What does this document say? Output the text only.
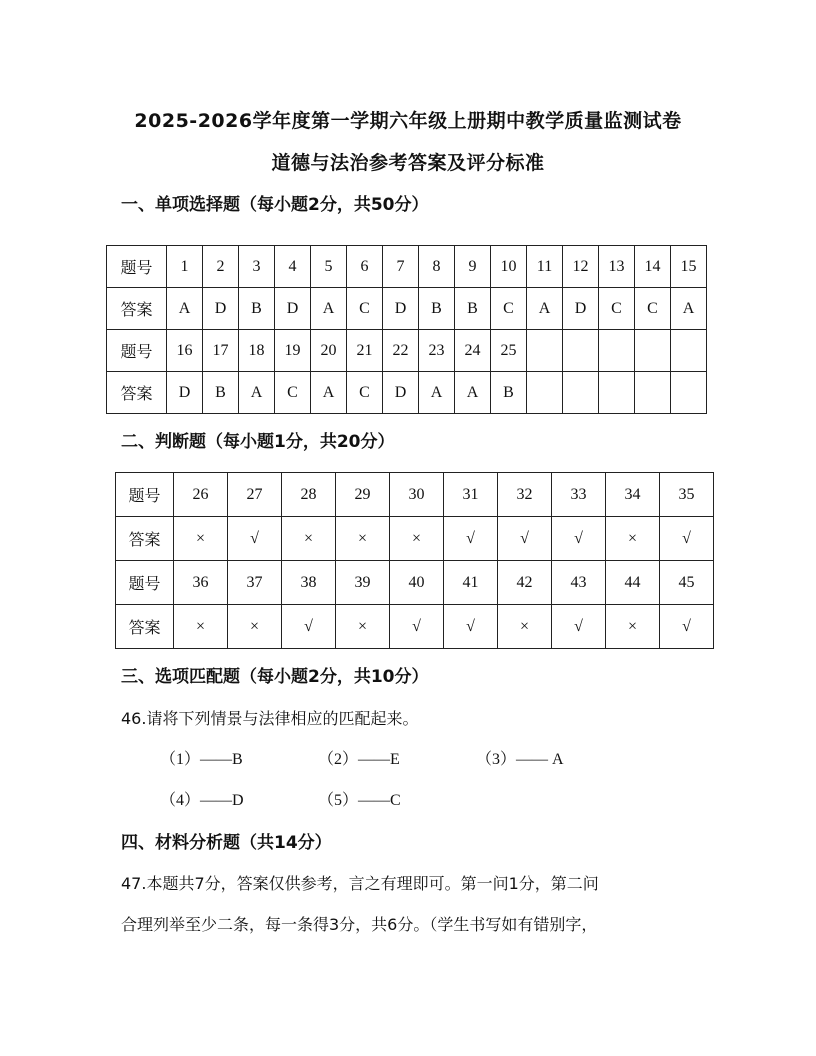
2025-2026学年度第一学期六年级上册期中教学质量监测试卷
道德与法治参考答案及评分标准
一、单项选择题（每小题2分，共50分）
题号	1	2	3	4	5	6	7	8	9	10	11	12	13	14	15
答案	A	D	B	D	A	C	D	B	B	C	A	D	C	C	A
题号	16	17	18	19	20	21	22	23	24	25					
答案	D	B	A	C	A	C	D	A	A	B					
二、判断题（每小题1分，共20分）
题号	26	27	28	29	30	31	32	33	34	35
答案	×	√	×	×	×	√	√	√	×	√
题号	36	37	38	39	40	41	42	43	44	45
答案	×	×	√	×	√	√	×	√	×	√
三、选项匹配题（每小题2分，共10分）
46.请将下列情景与法律相应的匹配起来。
（1）——B	（2）——E	（3）—— A
（4）——D	（5）——C
四、材料分析题（共14分）
47.本题共7分，答案仅供参考，言之有理即可。第一问1分，第二问
合理列举至少二条，每一条得3分，共6分。（学生书写如有错别字，
